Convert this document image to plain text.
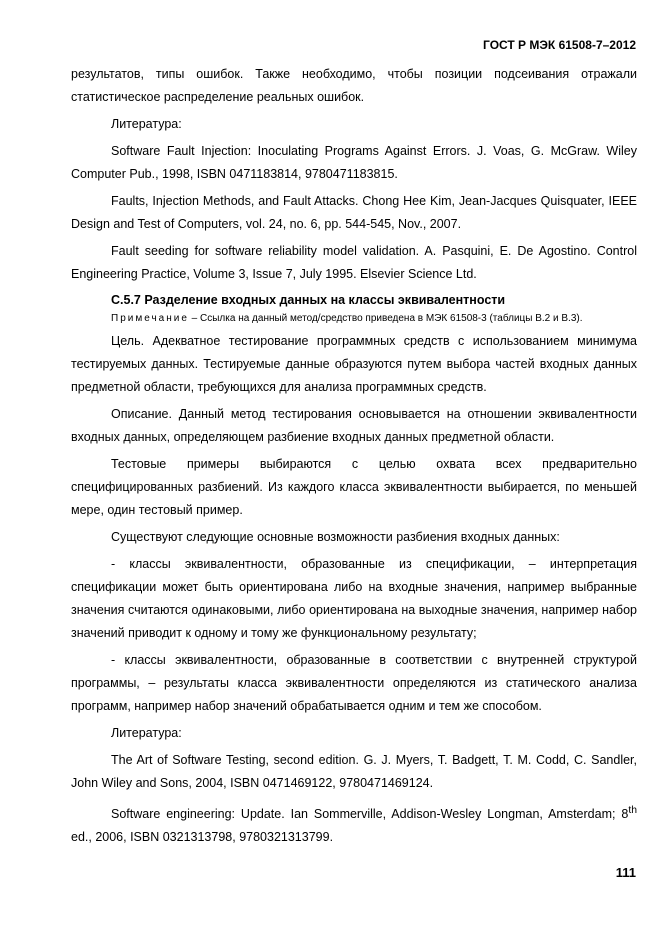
ГОСТ Р МЭК 61508-7–2012

результатов, типы ошибок. Также необходимо, чтобы позиции подсеивания отражали статистическое распределение реальных ошибок.

Литература:

Software Fault Injection: Inoculating Programs Against Errors. J. Voas, G. McGraw. Wiley Computer Pub., 1998, ISBN 0471183814, 9780471183815.

Faults, Injection Methods, and Fault Attacks. Chong Hee Kim, Jean-Jacques Quisquater, IEEE Design and Test of Computers, vol. 24, no. 6, pp. 544-545, Nov., 2007.

Fault seeding for software reliability model validation. A. Pasquini, E. De Agostino. Control Engineering Practice, Volume 3, Issue 7, July 1995. Elsevier Science Ltd.

C.5.7 Разделение входных данных на классы эквивалентности

Примечание – Ссылка на данный метод/средство приведена в МЭК 61508-3 (таблицы B.2 и B.3).

Цель. Адекватное тестирование программных средств с использованием минимума тестируемых данных. Тестируемые данные образуются путем выбора частей входных данных предметной области, требующихся для анализа программных средств.

Описание. Данный метод тестирования основывается на отношении эквивалентности входных данных, определяющем разбиение входных данных предметной области.

Тестовые примеры выбираются с целью охвата всех предварительно специфицированных разбиений. Из каждого класса эквивалентности выбирается, по меньшей мере, один тестовый пример.

Существуют следующие основные возможности разбиения входных данных:

- классы эквивалентности, образованные из спецификации, – интерпретация спецификации может быть ориентирована либо на входные значения, например выбранные значения считаются одинаковыми, либо ориентирована на выходные значения, например набор значений приводит к одному и тому же функциональному результату;

- классы эквивалентности, образованные в соответствии с внутренней структурой программы, – результаты класса эквивалентности определяются из статического анализа программ, например набор значений обрабатывается одним и тем же способом.

Литература:

The Art of Software Testing, second edition. G. J. Myers, T. Badgett, T. M. Codd, C. Sandler, John Wiley and Sons, 2004, ISBN 0471469122, 9780471469124.

Software engineering: Update. Ian Sommerville, Addison-Wesley Longman, Amsterdam; 8th ed., 2006, ISBN 0321313798, 9780321313799.

111
